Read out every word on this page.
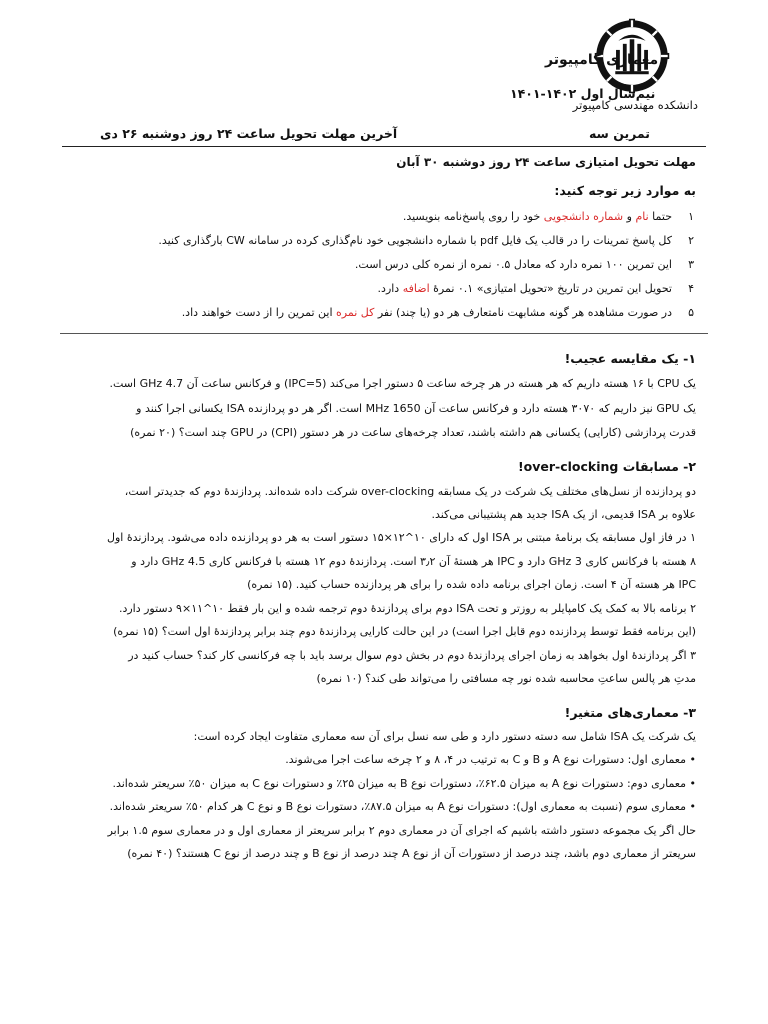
دانشکده مهندسی کامپیوتر
معماری کامپیوتر
نیم‌سال اول ۱۴۰۲-۱۴۰۱
تمرین سه
آخرین مهلت تحویل ساعت ۲۴ روز دوشنبه ۲۶ دی
مهلت تحویل امتیازی ساعت ۲۴ روز دوشنبه ۳۰ آبان
به موارد زیر توجه کنید:
۱حتما نام و شماره دانشجویی خود را روی پاسخ‌نامه بنویسید.
۲کل پاسخ تمرینات را در قالب یک فایل pdf با شماره دانشجویی خود نام‌گذاری کرده در سامانه CW بارگذاری کنید.
۳این تمرین ۱۰۰ نمره دارد که معادل ۰.۵ نمره از نمره کلی درس است.
۴تحویل این تمرین در تاریخ «تحویل امتیازی» ۰.۱ نمرهٔ اضافه دارد.
۵در صورت مشاهده هر گونه مشابهت نامتعارف هر دو (یا چند) نفر کل نمره این تمرین را از دست خواهند داد.
۱- یک مقایسه عجیب!
یک CPU با ۱۶ هسته داریم که هر هسته در هر چرخه ساعت ۵ دستور اجرا می‌کند (IPC=5) و فرکانس ساعت آن 4.7 GHz است.
یک GPU نیز داریم که ۳۰۷۰ هسته دارد و فرکانس ساعت آن 1650 MHz است. اگر هر دو پردازنده ISA یکسانی اجرا کنند و
قدرت پردازشی (کارایی) یکسانی هم داشته باشند، تعداد چرخه‌های ساعت در هر دستور (CPI) در GPU چند است؟ (۲۰ نمره)
۲- مسابقات over-clocking!
دو پردازنده از نسل‌های مختلف یک شرکت در یک مسابقه over-clocking شرکت داده شده‌اند. پردازندهٔ دوم که جدیدتر است،
علاوه بر ISA قدیمی، از یک ISA جدید هم پشتیبانی می‌کند.
۱ در فاز اول مسابقه یک برنامهٔ مبتنی بر ISA اول که دارای ۱۰^۱۲×۱۵ دستور است به هر دو پردازنده داده می‌شود. پردازندهٔ اول
۸ هسته با فرکانس کاری 3 GHz دارد و IPC هر هستهٔ آن ۳٫۲ است. پردازندهٔ دوم ۱۲ هسته با فرکانس کاری 4.5 GHz دارد و
IPC هر هسته آن ۴ است. زمان اجرای برنامه داده شده را برای هر پردازنده حساب کنید. (۱۵ نمره)
۲ برنامه بالا به کمک یک کامپایلر به روزتر و تحت ISA دوم برای پردازندهٔ دوم ترجمه شده و این بار فقط ۱۰^۱۱×۹ دستور دارد.
(این برنامه فقط توسط پردازنده دوم قابل اجرا است) در این حالت کارایی پردازندهٔ دوم چند برابر پردازندهٔ اول است؟ (۱۵ نمره)
۳ اگر پردازندهٔ اول بخواهد به زمان اجرای پردازندهٔ دوم در بخش دوم سوال برسد باید با چه فرکانسی کار کند؟ حساب کنید در
مدتِ هر پالس ساعتِ محاسبه شده نور چه مسافتی را می‌تواند طی کند؟ (۱۰ نمره)
۳- معماری‌های متغیر!
یک شرکت یک ISA شامل سه دسته دستور دارد و طی سه نسل برای آن سه معماری متفاوت ایجاد کرده است:
• معماری اول: دستورات نوع A و B و C به ترتیب در ۴، ۸ و ۲ چرخه ساعت اجرا می‌شوند.
• معماری دوم: دستورات نوع A به میزان ۶۲.۵٪، دستورات نوع B به میزان ۲۵٪ و دستورات نوع C به میزان ۵۰٪ سریعتر شده‌اند.
• معماری سوم (نسبت به معماری اول): دستورات نوع A به میزان ۸۷.۵٪، دستورات نوع B و نوع C هر کدام ۵۰٪ سریعتر شده‌اند.
حال اگر یک مجموعه دستور داشته باشیم که اجرای آن در معماری دوم ۲ برابر سریعتر از معماری اول و در معماری سوم ۱.۵ برابر
سریعتر از معماری دوم باشد، چند درصد از دستورات آن از نوع A چند درصد از نوع B و چند درصد از نوع C هستند؟ (۴۰ نمره)
